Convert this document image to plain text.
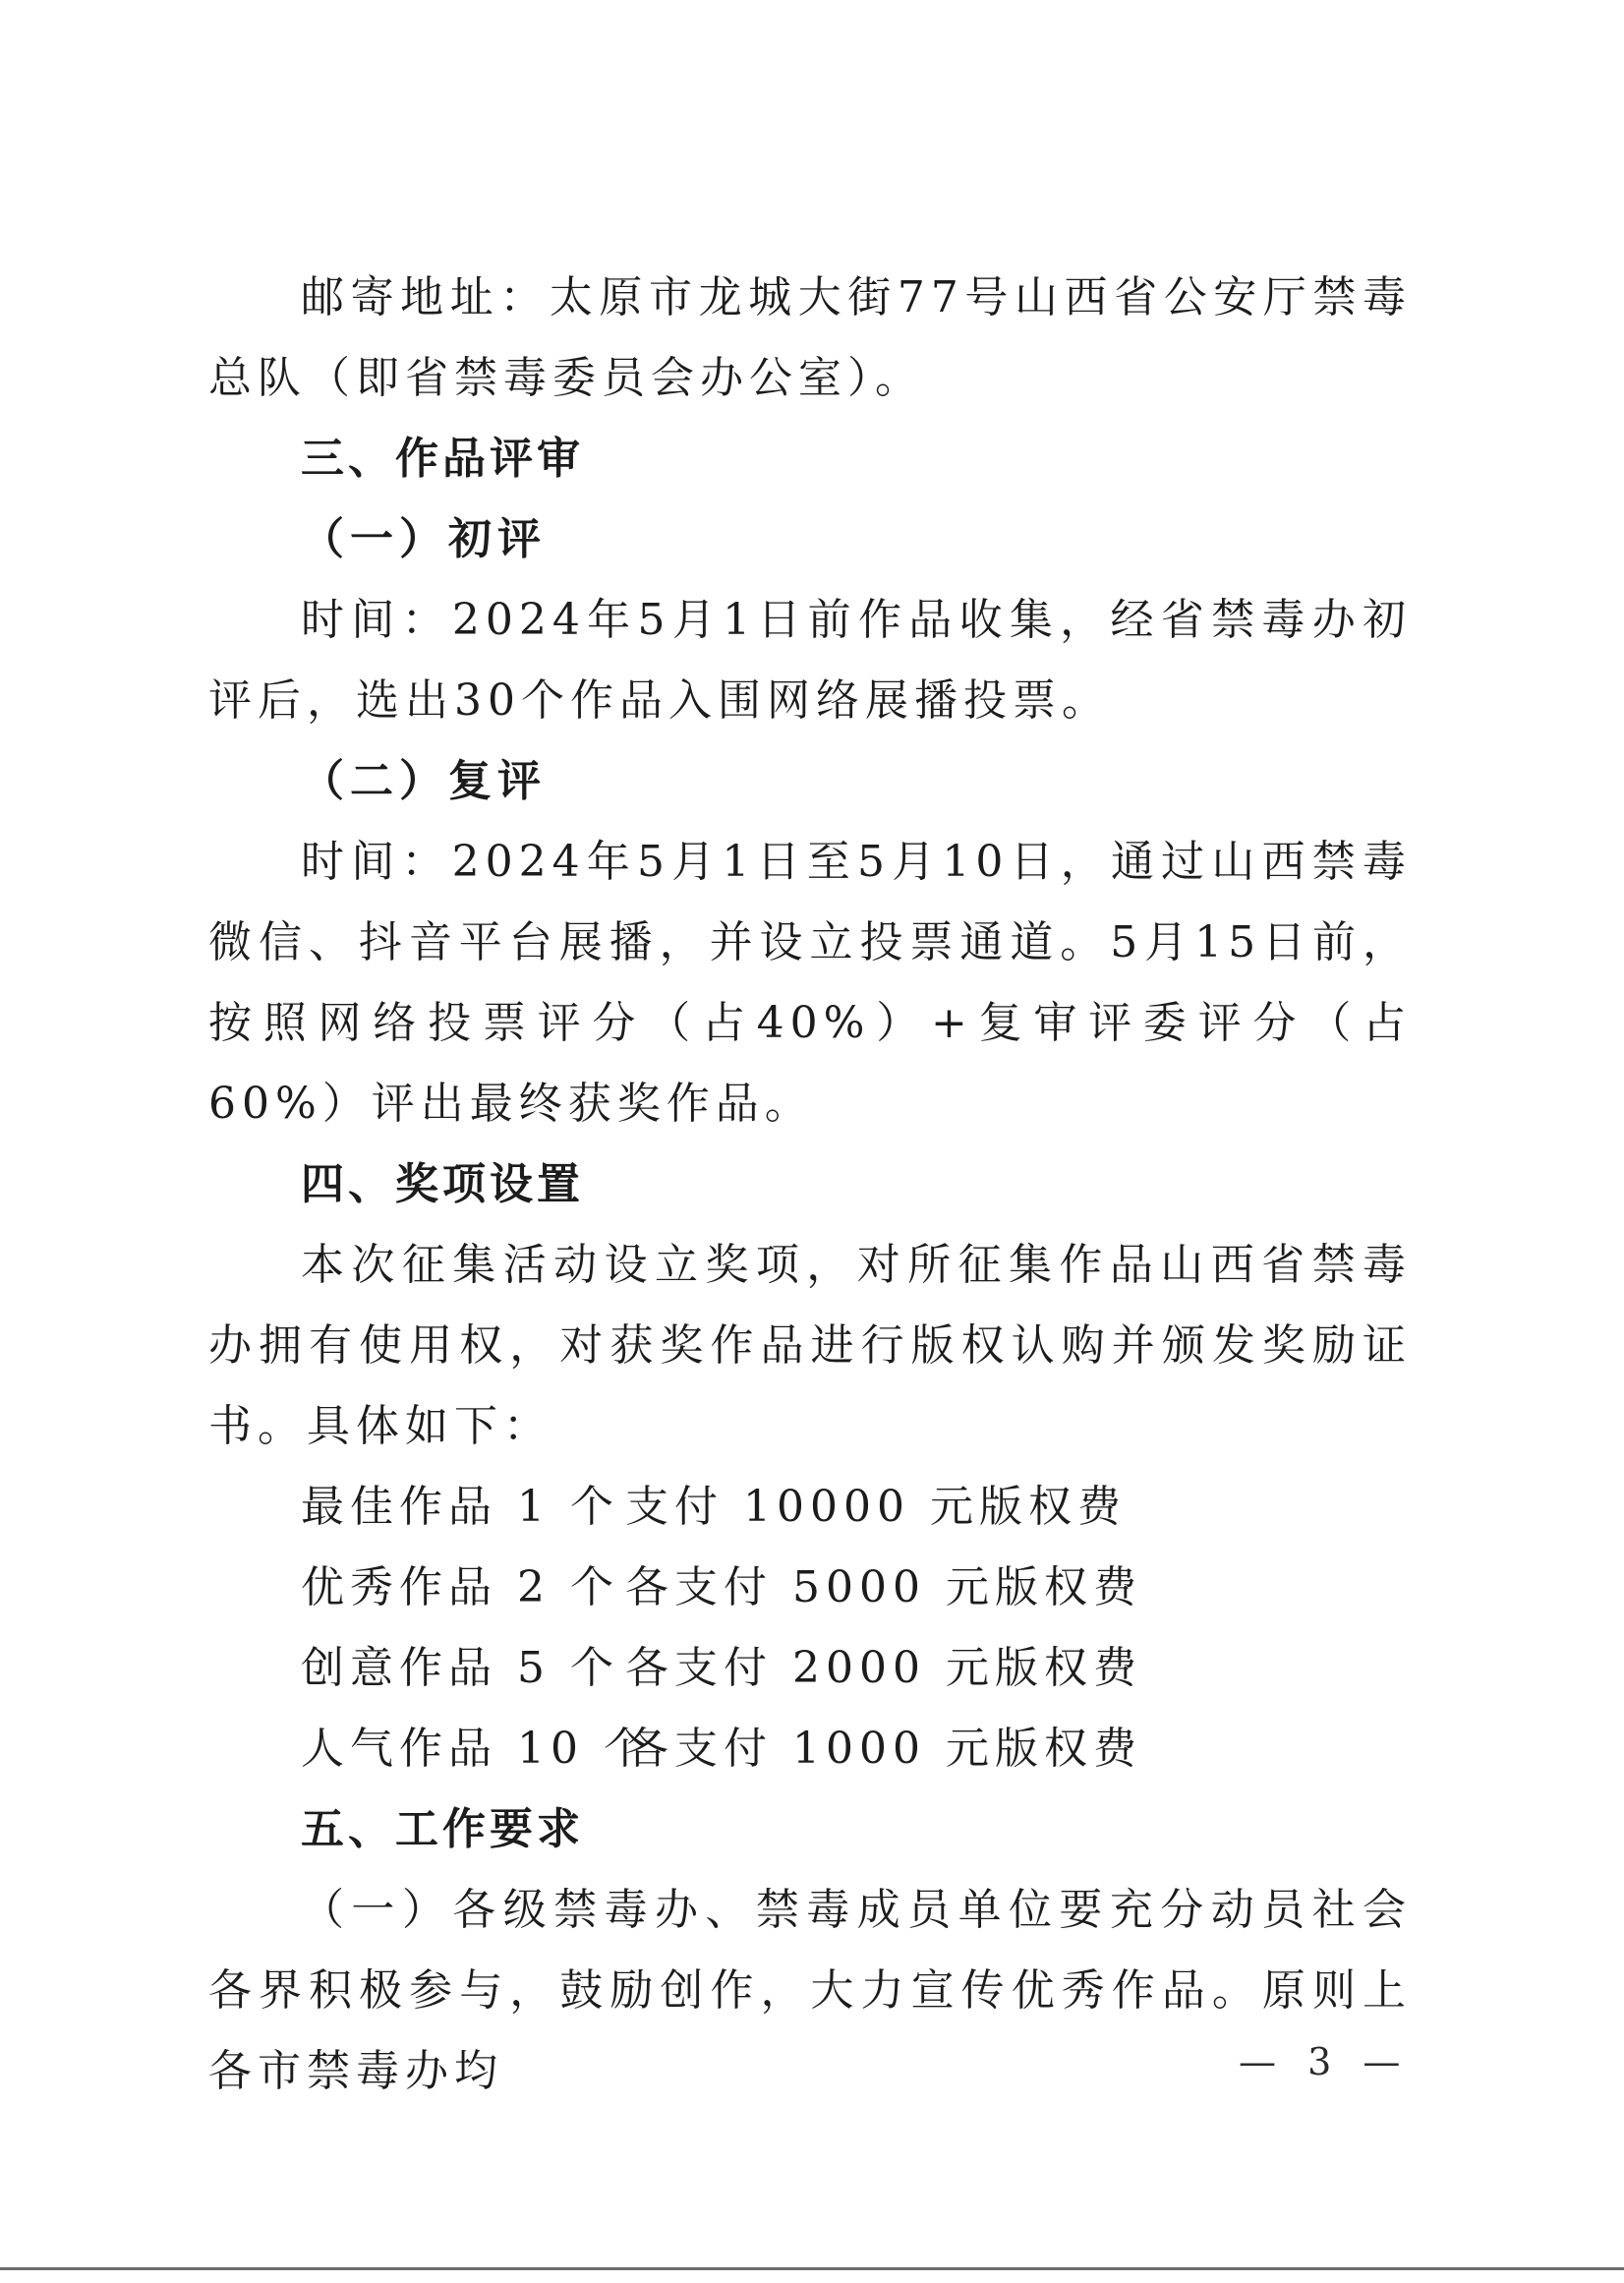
邮寄地址：太原市龙城大街77号山西省公安厅禁毒总队（即省禁毒委员会办公室）。

三、作品评审
（一）初评

时间：2024年5月1日前作品收集，经省禁毒办初评后，选出30个作品入围网络展播投票。

（二）复评

时间：2024年5月1日至5月10日，通过山西禁毒微信、抖音平台展播，并设立投票通道。5月15日前，按照网络投票评分（占40%）+复审评委评分（占60%）评出最终获奖作品。

四、奖项设置

本次征集活动设立奖项，对所征集作品山西省禁毒办拥有使用权，对获奖作品进行版权认购并颁发奖励证书。具体如下：

最佳作品 1 个 支付 10000 元版权费
优秀作品 2 个 各支付 5000 元版权费
创意作品 5 个 各支付 2000 元版权费
人气作品 10 个各支付 1000 元版权费
五、工作要求

（一）各级禁毒办、禁毒成员单位要充分动员社会各界积极参与，鼓励创作，大力宣传优秀作品。原则上各市禁毒办均	— 3 —
